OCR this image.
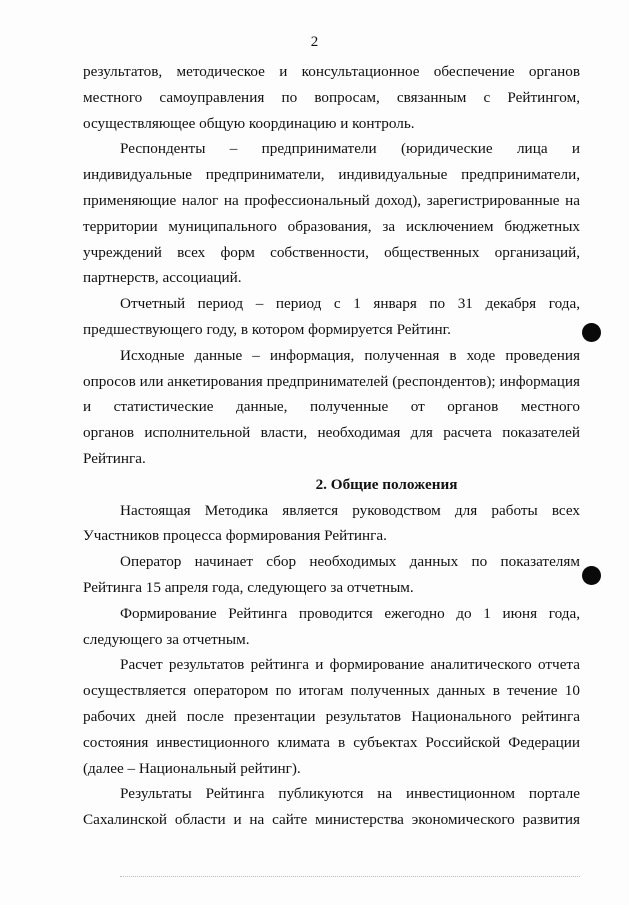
2
результатов, методическое и консультационное обеспечение органов
местного самоуправления по вопросам, связанным с Рейтингом,
осуществляющее общую координацию и контроль.
Респонденты – предприниматели (юридические лица и
индивидуальные предприниматели, индивидуальные предприниматели,
применяющие налог на профессиональный доход), зарегистрированные на
территории муниципального образования, за исключением бюджетных
учреждений всех форм собственности, общественных организаций,
партнерств, ассоциаций.
Отчетный период – период с 1 января по 31 декабря года,
предшествующего году, в котором формируется Рейтинг.
Исходные данные – информация, полученная в ходе проведения
опросов или анкетирования предпринимателей (респондентов); информация
и статистические данные, полученные от органов местного
органов исполнительной власти, необходимая для расчета показателей
Рейтинга.
2. Общие положения
Настоящая Методика является руководством для работы всех
Участников процесса формирования Рейтинга.
Оператор начинает сбор необходимых данных по показателям
Рейтинга 15 апреля года, следующего за отчетным.
Формирование Рейтинга проводится ежегодно до 1 июня года,
следующего за отчетным.
Расчет результатов рейтинга и формирование аналитического отчета
осуществляется оператором по итогам полученных данных в течение 10
рабочих дней после презентации результатов Национального рейтинга
состояния инвестиционного климата в субъектах Российской Федерации
(далее – Национальный рейтинг).
Результаты Рейтинга публикуются на инвестиционном портале
Сахалинской области и на сайте министерства экономического развития
